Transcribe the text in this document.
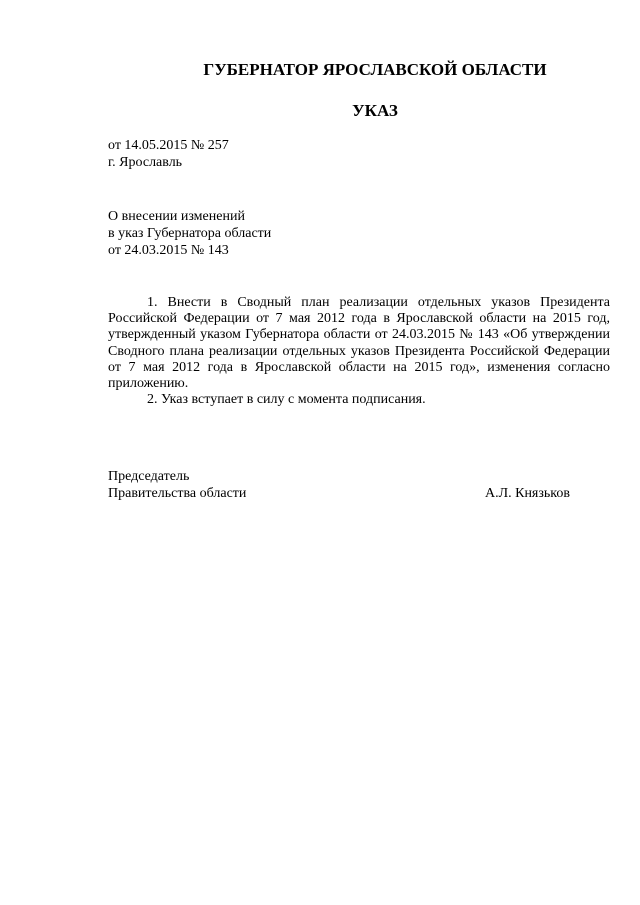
ГУБЕРНАТОР ЯРОСЛАВСКОЙ ОБЛАСТИ
УКАЗ
от 14.05.2015 № 257
г. Ярославль
О внесении изменений
в указ Губернатора области
от 24.03.2015 № 143

1. Внести в Сводный план реализации отдельных указов Президента Российской Федерации от 7 мая 2012 года в Ярославской области на 2015 год, утвержденный указом Губернатора области от 24.03.2015 № 143 «Об утверждении Сводного плана реализации отдельных указов Президента Российской Федерации от 7 мая 2012 года в Ярославской области на 2015 год», изменения согласно приложению.

2. Указ вступает в силу с момента подписания.

Председатель
Правительства области	А.Л. Князьков
